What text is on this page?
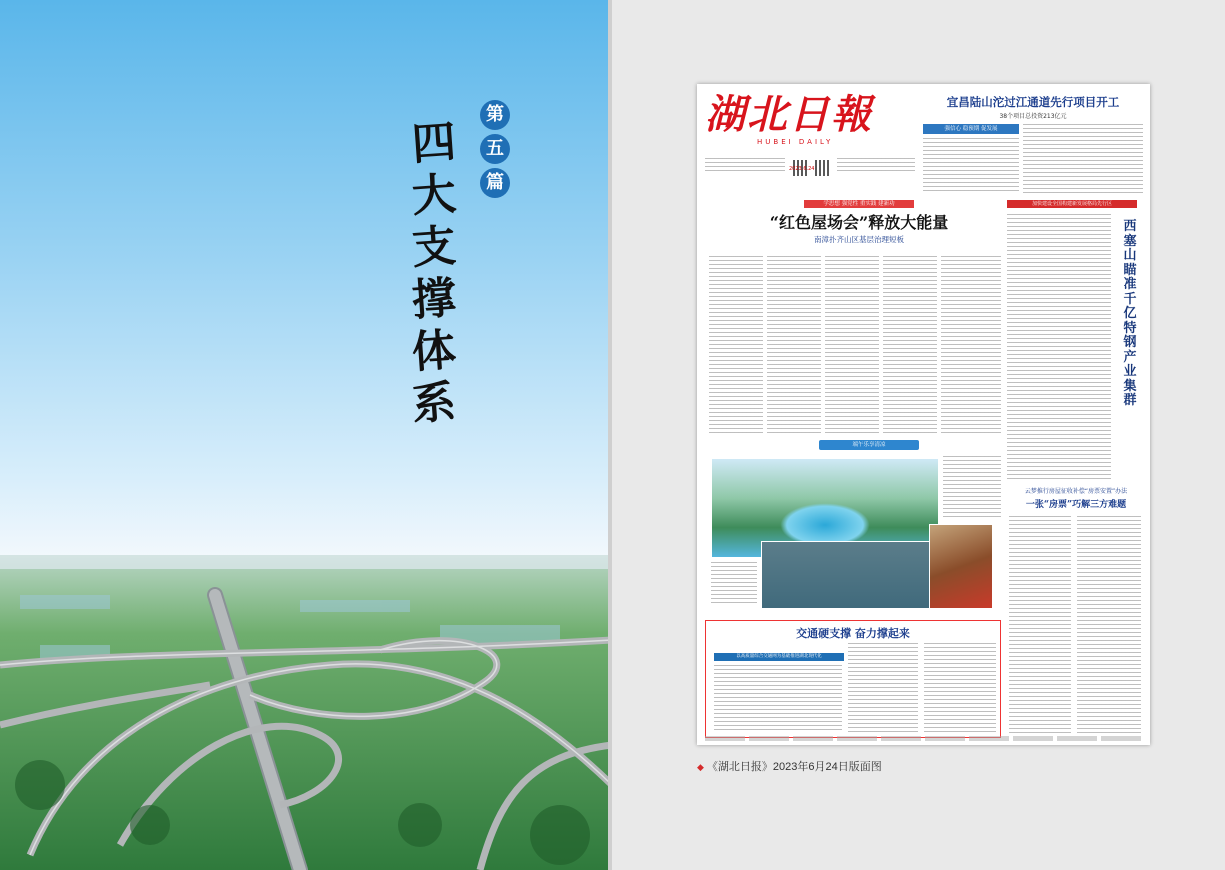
第
五
篇
四
大
支
撑
体
系
湖北日報
HUBEI DAILY
2023.6.24
宜昌陆山沱过江通道先行项目开工
38个项目总投资213亿元
强信心 稳预期 促发展
学思想 强党性 重实践 建新功	加快建设全国构建新发展格局先行区
“红色屋场会”释放大能量
南漳扑齐山区基层治理短板
西
塞
山
瞄
准
千
亿
特
钢
产
业
集
群
端午乐享清凉
云梦推行房屋征收补偿“房票安置”办法
一张“房票”巧解三方难题
交通硬支撑 奋力撑起来
以高质量综合交通网为基础推进湖北现代化
◆ 《湖北日报》2023年6月24日版面图
